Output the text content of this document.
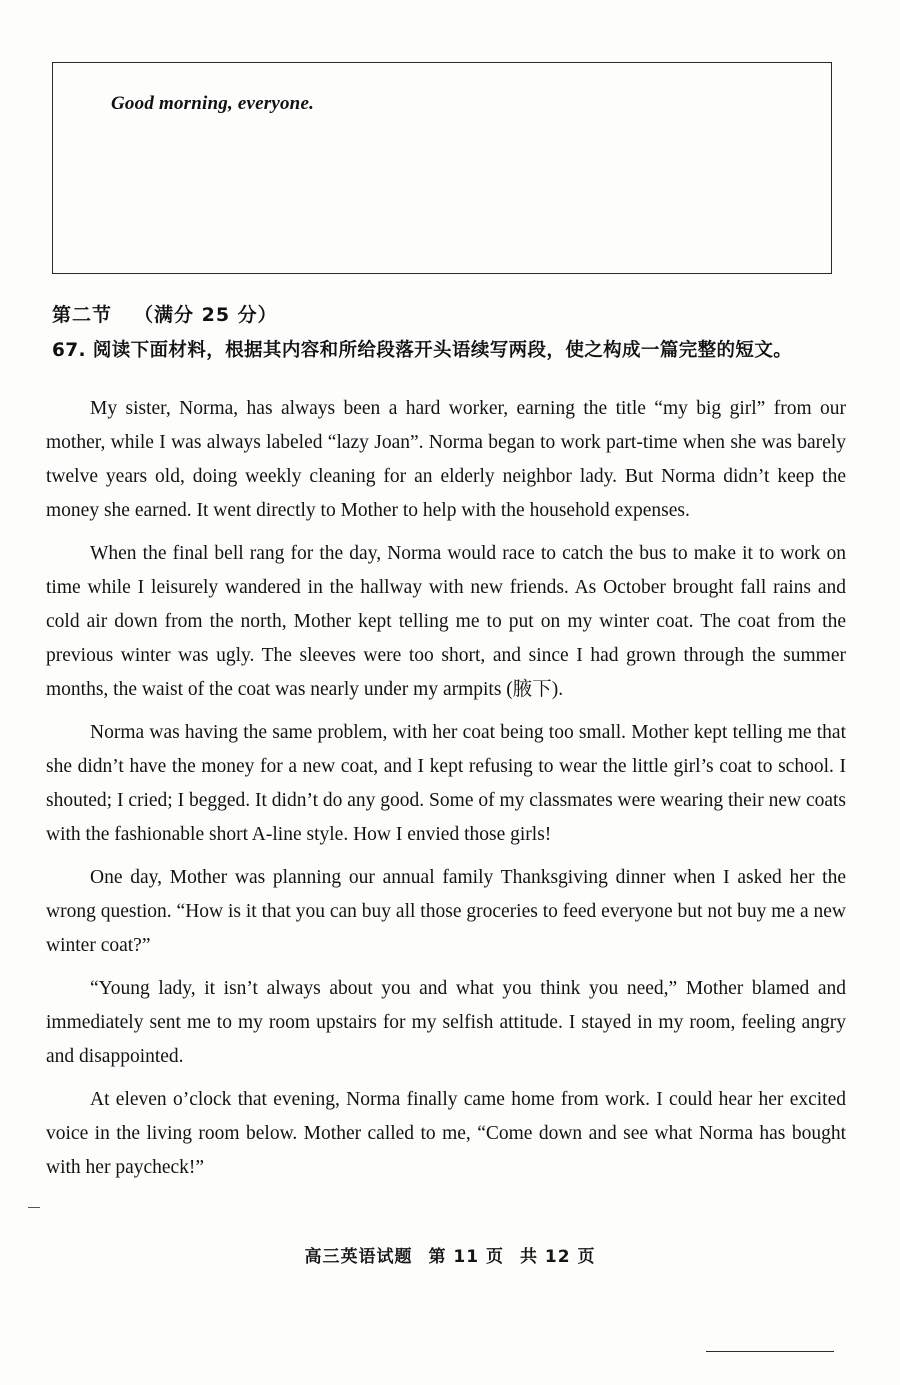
Good morning, everyone.
第二节 （满分 25 分）
67. 阅读下面材料，根据其内容和所给段落开头语续写两段，使之构成一篇完整的短文。

My sister, Norma, has always been a hard worker, earning the title “my big girl” from our mother, while I was always labeled “lazy Joan”. Norma began to work part-time when she was barely twelve years old, doing weekly cleaning for an elderly neighbor lady. But Norma didn’t keep the money she earned. It went directly to Mother to help with the household expenses.

When the final bell rang for the day, Norma would race to catch the bus to make it to work on time while I leisurely wandered in the hallway with new friends. As October brought fall rains and cold air down from the north, Mother kept telling me to put on my winter coat. The coat from the previous winter was ugly. The sleeves were too short, and since I had grown through the summer months, the waist of the coat was nearly under my armpits (腋下).

Norma was having the same problem, with her coat being too small. Mother kept telling me that she didn’t have the money for a new coat, and I kept refusing to wear the little girl’s coat to school. I shouted; I cried; I begged. It didn’t do any good. Some of my classmates were wearing their new coats with the fashionable short A-line style. How I envied those girls!

One day, Mother was planning our annual family Thanksgiving dinner when I asked her the wrong question. “How is it that you can buy all those groceries to feed everyone but not buy me a new winter coat?”

“Young lady, it isn’t always about you and what you think you need,” Mother blamed and immediately sent me to my room upstairs for my selfish attitude. I stayed in my room, feeling angry and disappointed.

At eleven o’clock that evening, Norma finally came home from work. I could hear her excited voice in the living room below. Mother called to me, “Come down and see what Norma has bought with her paycheck!”

高三英语试题 第 11 页 共 12 页
